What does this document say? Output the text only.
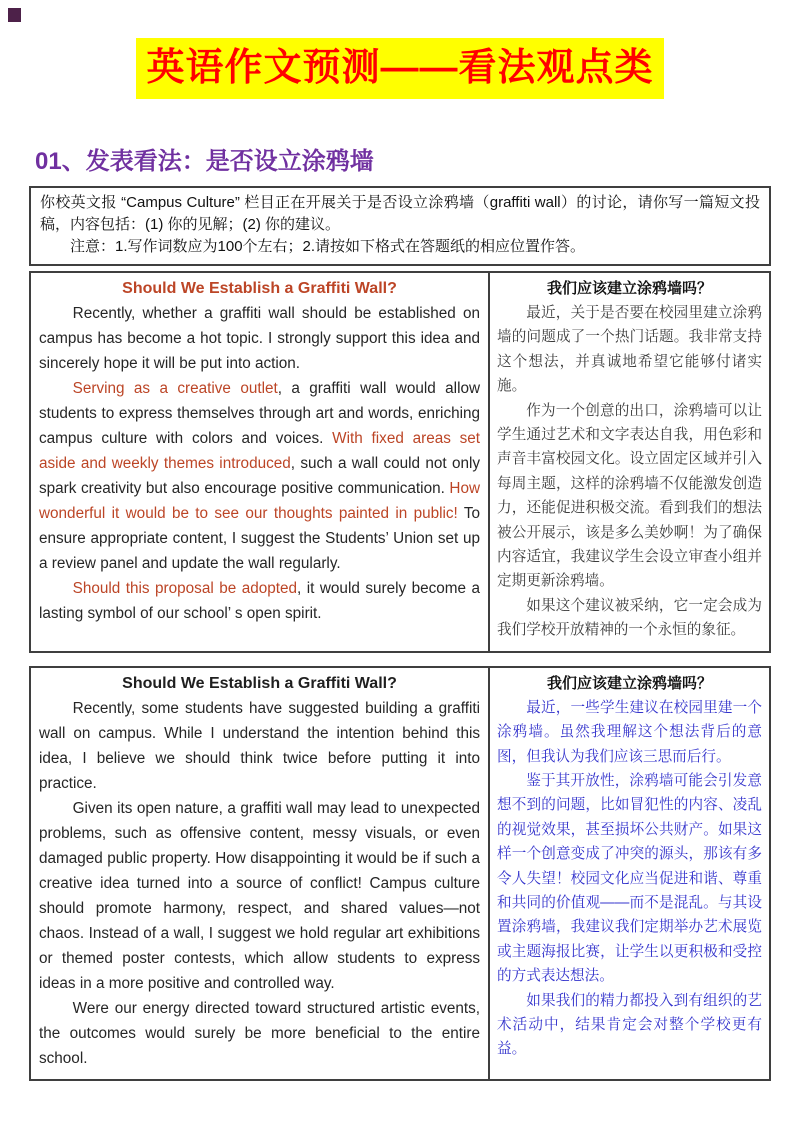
英语作文预测——看法观点类
01、发表看法：是否设立涂鸦墙

你校英文报 “Campus Culture” 栏目正在开展关于是否设立涂鸦墙（graffiti wall）的讨论，请你写一篇短文投稿，内容包括：(1) 你的见解；(2) 你的建议。

注意：1.写作词数应为100个左右；2.请按如下格式在答题纸的相应位置作答。

Should We Establish a Graffiti Wall?

Recently, whether a graffiti wall should be established on campus has become a hot topic. I strongly support this idea and sincerely hope it will be put into action.

Serving as a creative outlet, a graffiti wall would allow students to express themselves through art and words, enriching campus culture with colors and voices. With fixed areas set aside and weekly themes introduced, such a wall could not only spark creativity but also encourage positive communication. How wonderful it would be to see our thoughts painted in public! To ensure appropriate content, I suggest the Students’ Union set up a review panel and update the wall regularly.

Should this proposal be adopted, it would surely become a lasting symbol of our school’ s open spirit.

我们应该建立涂鸦墙吗？

最近，关于是否要在校园里建立涂鸦墙的问题成了一个热门话题。我非常支持这个想法，并真诚地希望它能够付诸实施。

作为一个创意的出口，涂鸦墙可以让学生通过艺术和文字表达自我，用色彩和声音丰富校园文化。设立固定区域并引入每周主题，这样的涂鸦墙不仅能激发创造力，还能促进积极交流。看到我们的想法被公开展示，该是多么美妙啊！为了确保内容适宜，我建议学生会设立审查小组并定期更新涂鸦墙。

如果这个建议被采纳，它一定会成为我们学校开放精神的一个永恒的象征。

Should We Establish a Graffiti Wall?

Recently, some students have suggested building a graffiti wall on campus. While I understand the intention behind this idea, I believe we should think twice before putting it into practice.

Given its open nature, a graffiti wall may lead to unexpected problems, such as offensive content, messy visuals, or even damaged public property. How disappointing it would be if such a creative idea turned into a source of conflict! Campus culture should promote harmony, respect, and shared values—not chaos. Instead of a wall, I suggest we hold regular art exhibitions or themed poster contests, which allow students to express ideas in a more positive and controlled way.

Were our energy directed toward structured artistic events, the outcomes would surely be more beneficial to the entire school.

我们应该建立涂鸦墙吗？

最近，一些学生建议在校园里建一个涂鸦墙。虽然我理解这个想法背后的意图，但我认为我们应该三思而后行。

鉴于其开放性，涂鸦墙可能会引发意想不到的问题，比如冒犯性的内容、凌乱的视觉效果，甚至损坏公共财产。如果这样一个创意变成了冲突的源头，那该有多令人失望！校园文化应当促进和谐、尊重和共同的价值观——而不是混乱。与其设置涂鸦墙，我建议我们定期举办艺术展览或主题海报比赛，让学生以更积极和受控的方式表达想法。

如果我们的精力都投入到有组织的艺术活动中，结果肯定会对整个学校更有益。
